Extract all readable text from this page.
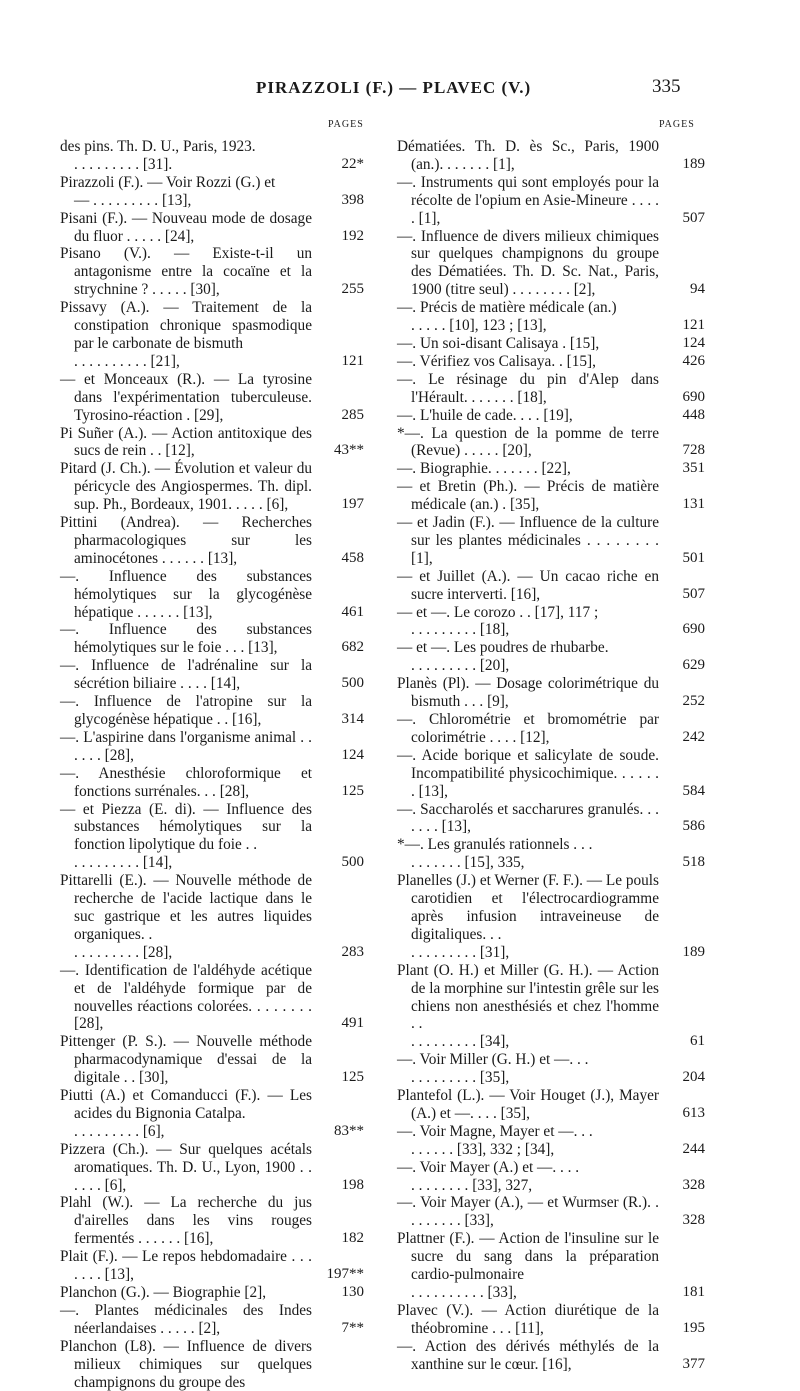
PIRAZZOLI (F.) — PLAVEC (V.)	335
PAGES
des pins. Th. D. U., Paris, 1923.
. . . . . . . . . [31].	22*
Pirazzoli (F.). — Voir Rozzi (G.) et
— . . . . . . . . . [13],	398
Pisani (F.). — Nouveau mode de dosage du fluor . . . . . [24],	192
Pisano (V.). — Existe-t-il un antagonisme entre la cocaïne et la strychnine ? . . . . . [30],	255
Pissavy (A.). — Traitement de la constipation chronique spasmodique par le carbonate de bismuth
. . . . . . . . . . [21],	121
— et Monceaux (R.). — La tyrosine dans l'expérimentation tuberculeuse. Tyrosino-réaction . [29],	285
Pi Suñer (A.). — Action antitoxique des sucs de rein . . [12],	43**
Pitard (J. Ch.). — Évolution et valeur du péricycle des Angiospermes. Th. dipl. sup. Ph., Bordeaux, 1901. . . . . [6],	197
Pittini (Andrea). — Recherches pharmacologiques sur les aminocétones . . . . . . [13],	458
—. Influence des substances hémolytiques sur la glycogénèse hépatique . . . . . . [13],	461
—. Influence des substances hémolytiques sur le foie . . . [13],	682
—. Influence de l'adrénaline sur la sécrétion biliaire . . . . [14],	500
—. Influence de l'atropine sur la glycogénèse hépatique . . [16],	314
—. L'aspirine dans l'organisme animal . . . . . . [28],	124
—. Anesthésie chloroformique et fonctions surrénales. . . [28],	125
— et Piezza (E. di). — Influence des substances hémolytiques sur la fonction lipolytique du foie . .
. . . . . . . . . [14],	500
Pittarelli (E.). — Nouvelle méthode de recherche de l'acide lactique dans le suc gastrique et les autres liquides organiques. .
. . . . . . . . . [28],	283
—. Identification de l'aldéhyde acétique et de l'aldéhyde formique par de nouvelles réactions colorées. . . . . . . . [28],	491
Pittenger (P. S.). — Nouvelle méthode pharmacodynamique d'essai de la digitale . . [30],	125
Piutti (A.) et Comanducci (F.). — Les acides du Bignonia Catalpa.
. . . . . . . . . [6],	83**
Pizzera (Ch.). — Sur quelques acétals aromatiques. Th. D. U., Lyon, 1900 . . . . . . [6],	198
Plahl (W.). — La recherche du jus d'airelles dans les vins rouges fermentés . . . . . . [16],	182
Plait (F.). — Le repos hebdomadaire . . . . . . . [13],	197**
Planchon (G.). — Biographie [2],	130
—. Plantes médicinales des Indes néerlandaises . . . . . [2],	7**
Planchon (L8). — Influence de divers milieux chimiques sur quelques champignons du groupe des
PAGES
Dématiées. Th. D. ès Sc., Paris, 1900 (an.). . . . . . . [1],	189
—. Instruments qui sont employés pour la récolte de l'opium en Asie-Mineure . . . . . [1],	507
—. Influence de divers milieux chimiques sur quelques champignons du groupe des Dématiées. Th. D. Sc. Nat., Paris, 1900 (titre seul) . . . . . . . . [2],	94
—. Précis de matière médicale (an.)
. . . . . [10], 123 ; [13],	121
—. Un soi-disant Calisaya . [15],	124
—. Vérifiez vos Calisaya. . [15],	426
—. Le résinage du pin d'Alep dans l'Hérault. . . . . . . [18],	690
—. L'huile de cade. . . . [19],	448
*—. La question de la pomme de terre (Revue) . . . . . [20],	728
—. Biographie. . . . . . . [22],	351
— et Bretin (Ph.). — Précis de matière médicale (an.) . [35],	131
— et Jadin (F.). — Influence de la culture sur les plantes médicinales . . . . . . . . [1],	501
— et Juillet (A.). — Un cacao riche en sucre interverti. [16],	507
— et —. Le corozo . . [17], 117 ;
. . . . . . . . . [18],	690
— et —. Les poudres de rhubarbe.
. . . . . . . . . [20],	629
Planès (Pl). — Dosage colorimétrique du bismuth . . . [9],	252
—. Chlorométrie et bromométrie par colorimétrie . . . . [12],	242
—. Acide borique et salicylate de soude. Incompatibilité physicochimique. . . . . . . [13],	584
—. Saccharolés et saccharures granulés. . . . . . . [13],	586
*—. Les granulés rationnels . . .
. . . . . . . [15], 335,	518
Planelles (J.) et Werner (F. F.). — Le pouls carotidien et l'électrocardiogramme après infusion intraveineuse de digitaliques. . .
. . . . . . . . . [31],	189
Plant (O. H.) et Miller (G. H.). — Action de la morphine sur l'intestin grêle sur les chiens non anesthésiés et chez l'homme . .
. . . . . . . . . [34],	61
—. Voir Miller (G. H.) et —. . .
. . . . . . . . . [35],	204
Plantefol (L.). — Voir Houget (J.), Mayer (A.) et —. . . . [35],	613
—. Voir Magne, Mayer et —. . .
. . . . . . [33], 332 ; [34],	244
—. Voir Mayer (A.) et —. . . .
. . . . . . . . [33], 327,	328
—. Voir Mayer (A.), — et Wurmser (R.). . . . . . . . . [33],	328
Plattner (F.). — Action de l'insuline sur le sucre du sang dans la préparation cardio-pulmonaire
. . . . . . . . . . [33],	181
Plavec (V.). — Action diurétique de la théobromine . . . [11],	195
—. Action des dérivés méthylés de la xanthine sur le cœur. [16],	377
